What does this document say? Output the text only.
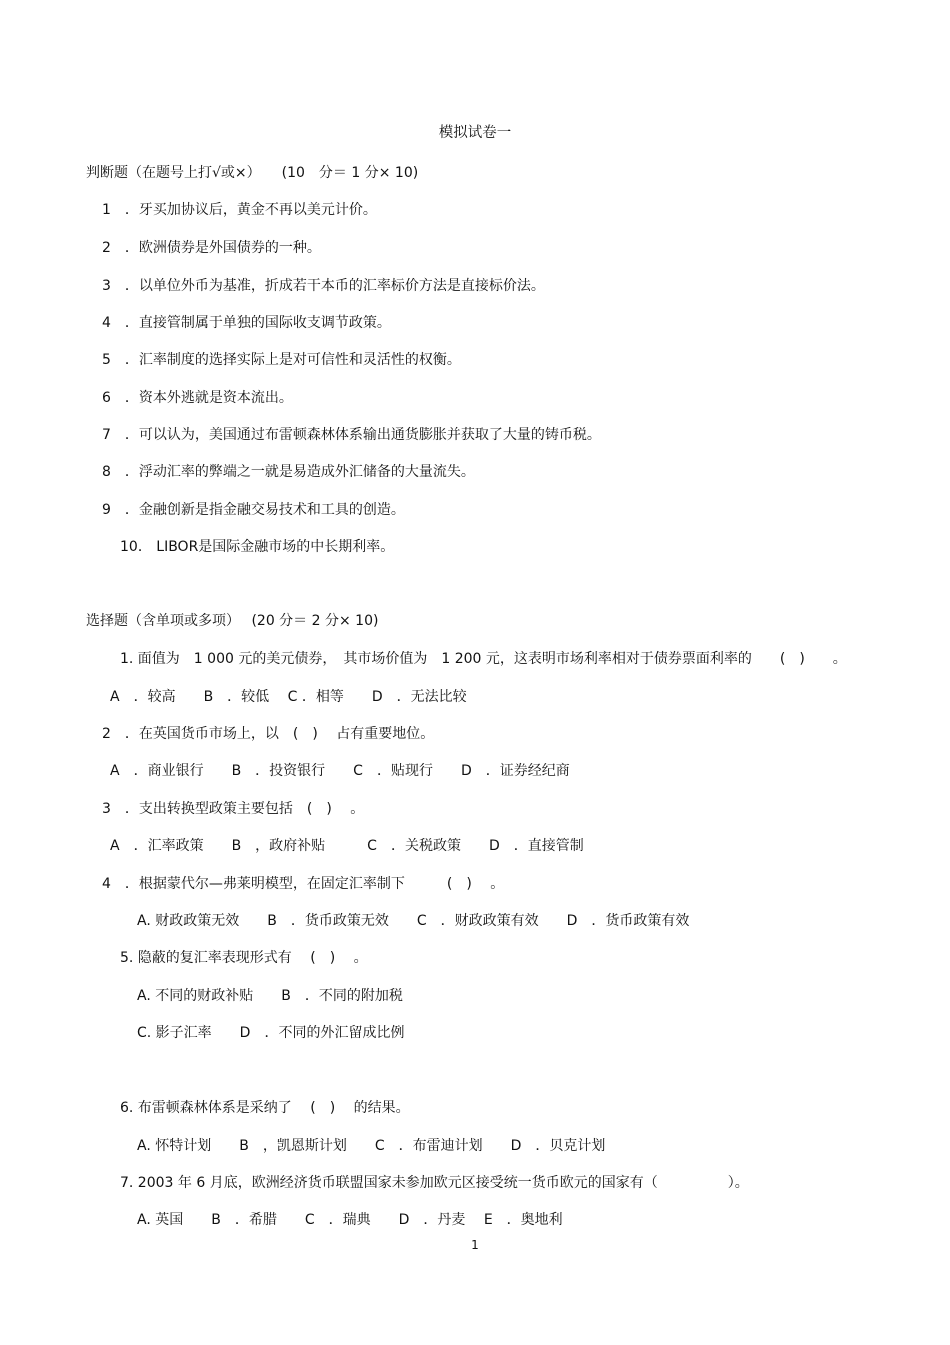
模拟试卷一
判断题（在题号上打√或×）　　(10　分＝ 1 分× 10)
1　．牙买加协议后，黄金不再以美元计价。
2　．欧洲债券是外国债券的一种。
3　．以单位外币为基准，折成若干本币的汇率标价方法是直接标价法。
4　．直接管制属于单独的国际收支调节政策。
5　．汇率制度的选择实际上是对可信性和灵活性的权衡。
6　．资本外逃就是资本流出。
7　．可以认为，美国通过布雷顿森林体系输出通货膨胀并获取了大量的铸币税。
8　．浮动汇率的弊端之一就是易造成外汇储备的大量流失。
9　．金融创新是指金融交易技术和工具的创造。
10． LIBOR是国际金融市场的中长期利率。
选择题（含单项或多项）　 (20 分＝ 2 分× 10)
1. 面值为　1 000 元的美元债券，　其市场价值为　1 200 元，这表明市场利率相对于债券票面利率的　　(　)　　。
A　．较高　　B　．较低　 C ．相等　　D　．无法比较
2　．在英国货币市场上，以　(　)　 占有重要地位。
A　．商业银行　　B　．投资银行　　C　．贴现行　　D　．证券经纪商
3　．支出转换型政策主要包括　(　)　 。
A　．汇率政策　　B　，政府补贴　　　C　．关税政策　　D　．直接管制
4　．根据蒙代尔—弗莱明模型，在固定汇率制下　　　(　)　 。
A. 财政政策无效　　B　．货币政策无效　　C　．财政政策有效　　D　．货币政策有效
5. 隐蔽的复汇率表现形式有　 (　)　 。
A. 不同的财政补贴　　B　．不同的附加税
C. 影子汇率　　D　．不同的外汇留成比例
6. 布雷顿森林体系是采纳了　 (　)　 的结果。
A. 怀特计划　　B　，凯恩斯计划　　C　．布雷迪计划　　D　．贝克计划
7. 2003 年 6 月底，欧洲经济货币联盟国家未参加欧元区接受统一货币欧元的国家有（　　　　　）。
A. 英国　　B　．希腊　　C　．瑞典　　D　．丹麦　 E　．奥地利
1
